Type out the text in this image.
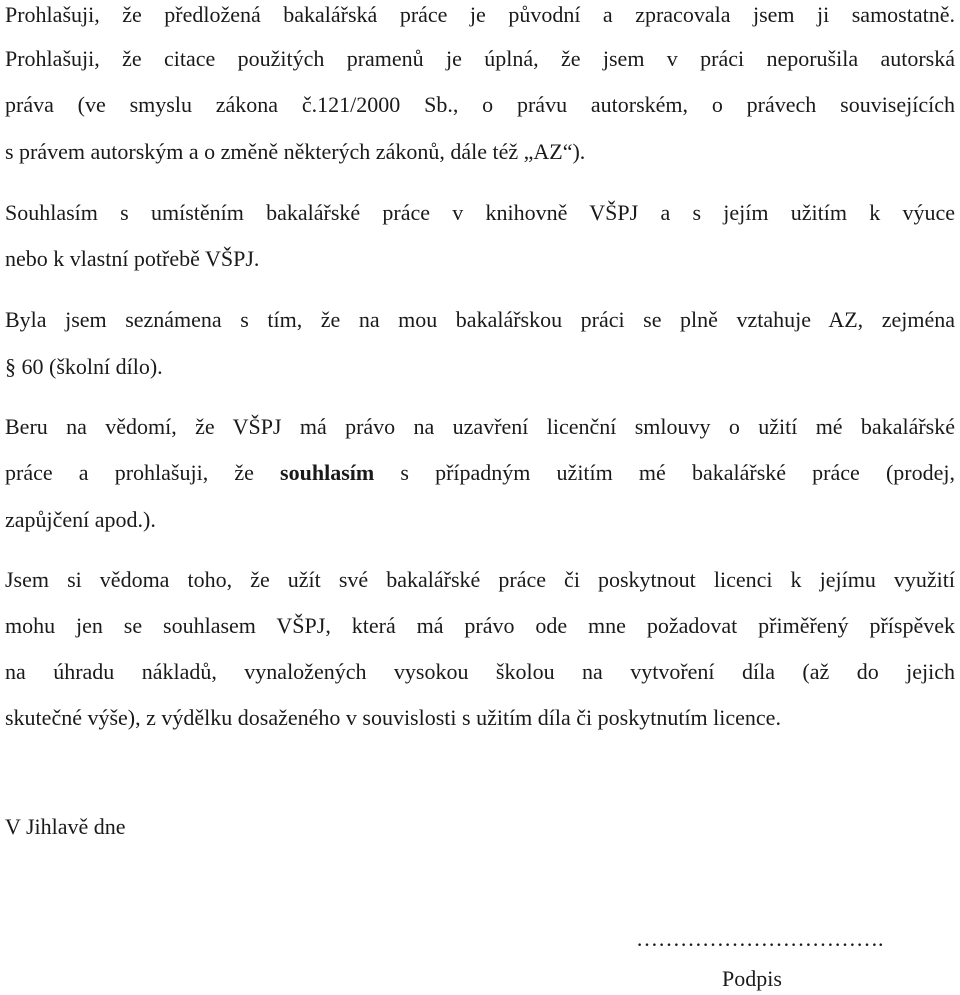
Prohlašuji, že předložená bakalářská práce je původní a zpracovala jsem ji samostatně.
Prohlašuji, že citace použitých pramenů je úplná, že jsem v práci neporušila autorská
práva (ve smyslu zákona č.121/2000 Sb., o právu autorském, o právech souvisejících
s právem autorským a o změně některých zákonů, dále též „AZ“).
Souhlasím s umístěním bakalářské práce v knihovně VŠPJ a s jejím užitím k výuce
nebo k vlastní potřebě VŠPJ.
Byla jsem seznámena s tím, že na mou bakalářskou práci se plně vztahuje AZ, zejména
§ 60 (školní dílo).
Beru na vědomí, že VŠPJ má právo na uzavření licenční smlouvy o užití mé bakalářské
práce a prohlašuji, že souhlasím s případným užitím mé bakalářské práce (prodej,
zapůjčení apod.).
Jsem si vědoma toho, že užít své bakalářské práce či poskytnout licenci k jejímu využití
mohu jen se souhlasem VŠPJ, která má právo ode mne požadovat přiměřený příspěvek
na úhradu nákladů, vynaložených vysokou školou na vytvoření díla (až do jejich
skutečné výše), z výdělku dosaženého v souvislosti s užitím díla či poskytnutím licence.
V Jihlavě dne
…………………………….
Podpis
